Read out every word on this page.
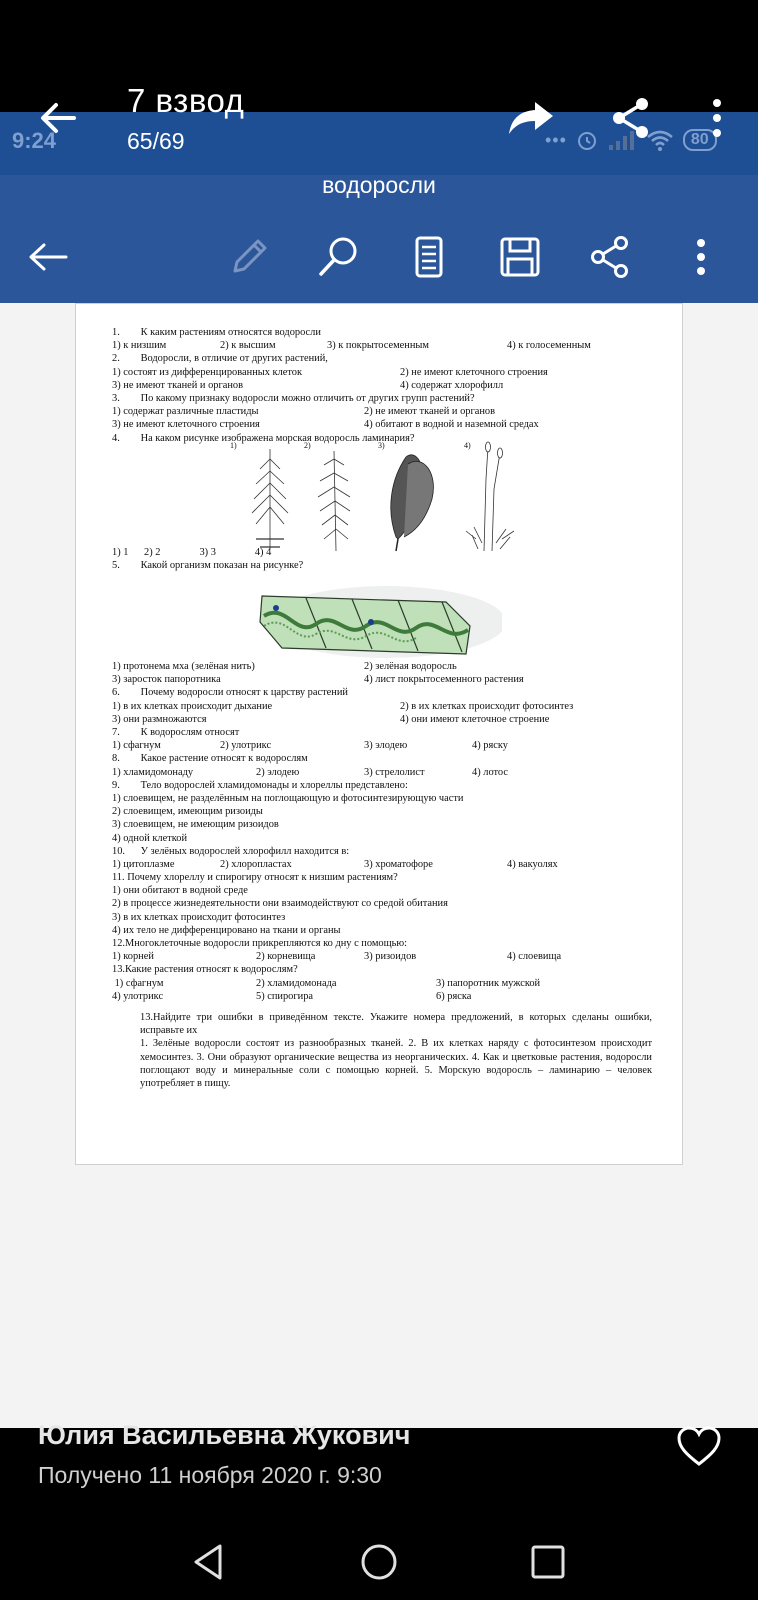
9:24	•••	80
7 взвод
65/69
водоросли
1.        К каким растениям относятся водоросли
1) к низшим	2) к высшим	3) к покрытосеменным	4) к голосеменным
2.        Водоросли, в отличие от других растений,
1) состоят из дифференцированных клеток	2) не имеют клеточного строения
3) не имеют тканей и органов	4) содержат хлорофилл
3.        По какому признаку водоросли можно отличить от других групп растений?
1) содержат различные пластиды	2) не имеют тканей и органов
3) не имеют клеточного строения	4) обитают в водной и наземной средах
4.        На каком рисунке изображена морская водоросль ламинария?
1) 1      2) 2               3) 3               4) 4
5.        Какой организм показан на рисунке?
1) протонема мха (зелёная нить)	2) зелёная водоросль
3) заросток папоротника	4) лист покрытосеменного растения
6.        Почему водоросли относят к царству растений
1) в их клетках происходит дыхание	2) в их клетках происходит фотосинтез
3) они размножаются	4) они имеют клеточное строение
7.        К водорослям относят
1) сфагнум	2) улотрикс	3) элодею	4) ряску
8.        Какое растение относят к водорослям
1) хламидомонаду	2) элодею	3) стрелолист	4) лотос
9.        Тело водорослей хламидомонады и хлореллы представлено:
1) слоевищем, не разделённым на поглощающую и фотосинтезирующую части
2) слоевищем, имеющим ризоиды
3) слоевищем, не имеющим ризоидов
4) одной клеткой
10.      У зелёных водорослей хлорофилл находится в:
1) цитоплазме	2) хлоропластах	3) хроматофоре	4) вакуолях
11. Почему хлореллу и спирогиру относят к низшим растениям?
1) они обитают в водной среде
2) в процессе жизнедеятельности они взаимодействуют со средой обитания
3) в их клетках происходит фотосинтез
4) их тело не дифференцировано на ткани и органы
12.Многоклеточные водоросли прикрепляются ко дну с помощью:
1) корней	2) корневища	3) ризоидов	4) слоевища
13.Какие растения относят к водорослям?
1) сфагнум	2) хламидомонада	3) папоротник мужской
4) улотрикс	5) спирогира	6) ряска
13.Найдите три ошибки в приведённом тексте. Укажите номера предложений, в которых сделаны ошибки, исправьте их
1. Зелёные водоросли состоят из разнообразных тканей. 2. В их клетках наряду с фотосинтезом происходит хемосинтез. 3. Они образуют органические вещества из неорганических. 4. Как и цветковые растения, водоросли поглощают воду и минеральные соли с помощью корней. 5. Морскую водоросль – ламинарию – человек употребляет в пищу.
1)	2)	3)	4)
Юлия Васильевна Жукович
Получено 11 ноября 2020 г. 9:30
